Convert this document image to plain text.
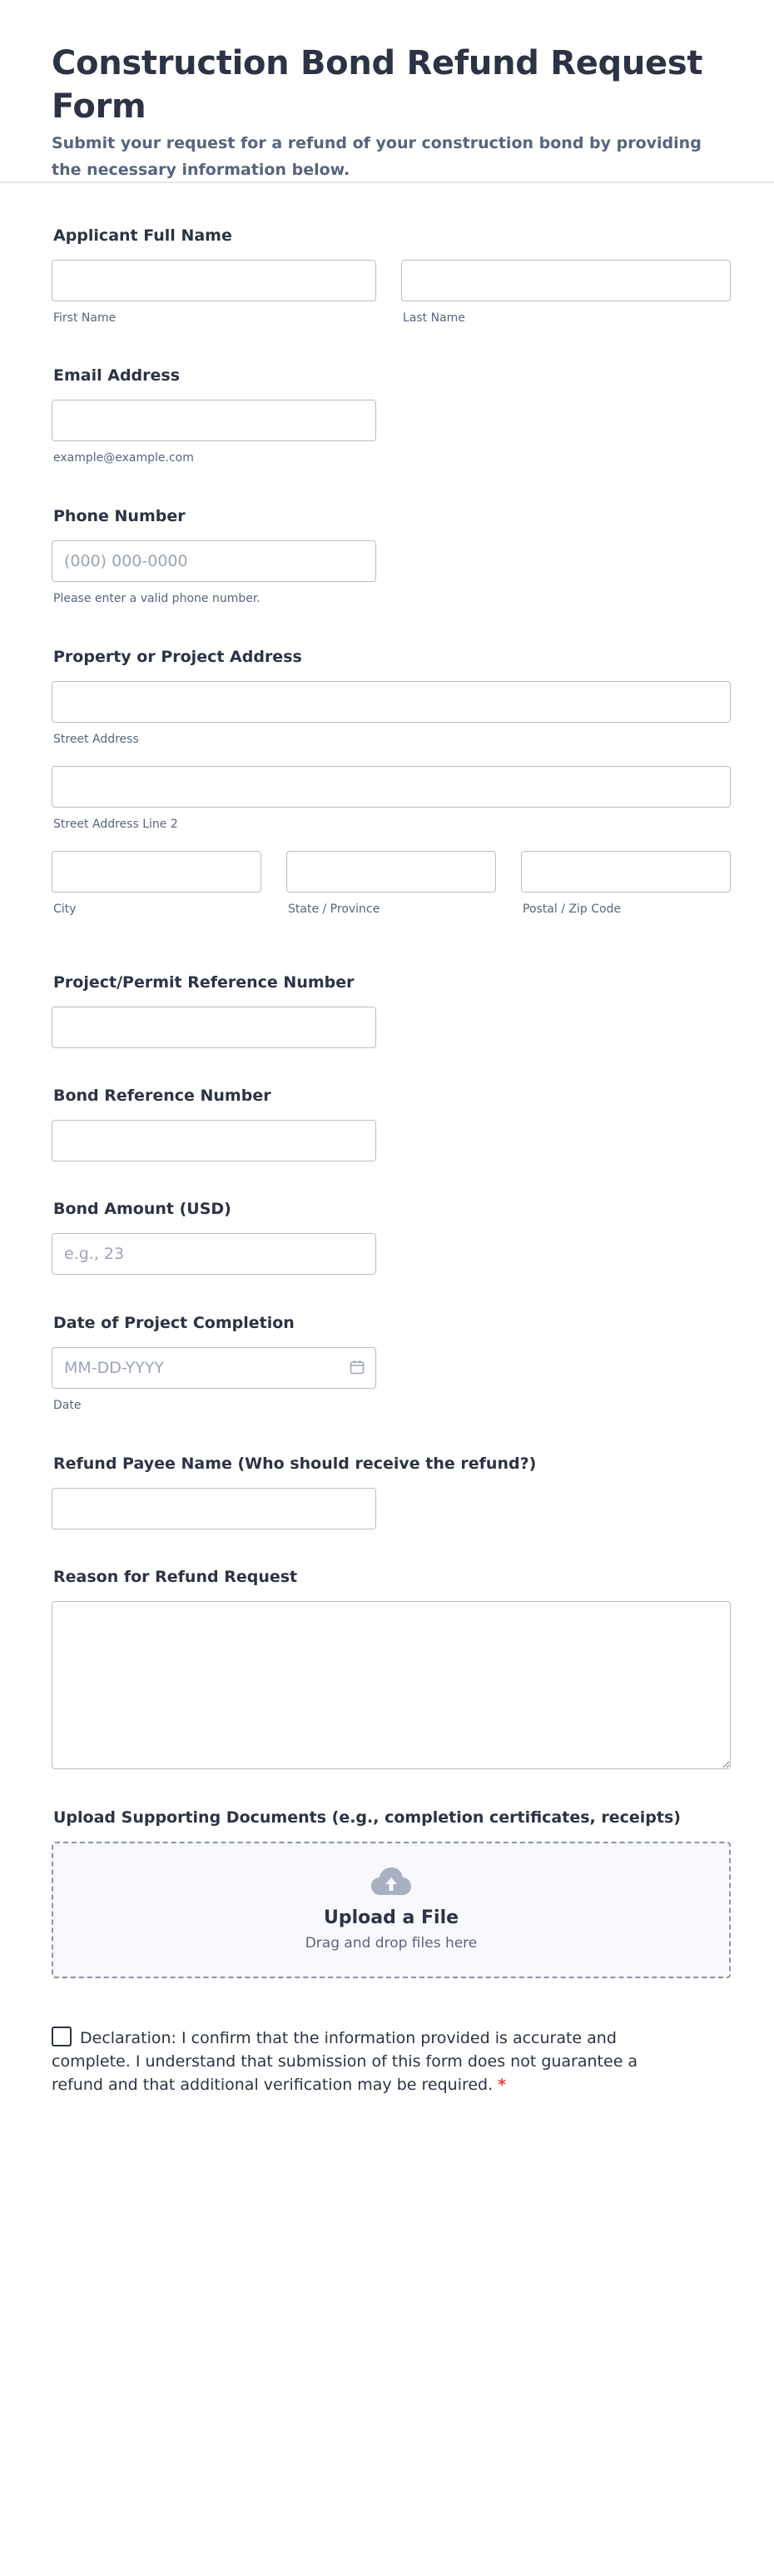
Construction Bond Refund Request Form

Submit your request for a refund of your construction bond by providing the necessary information below.

Applicant Full Name
First Name	Last Name
Email Address
example@example.com
Phone Number
(000) 000-0000
Please enter a valid phone number.
Property or Project Address
Street Address
Street Address Line 2
City	State / Province	Postal / Zip Code
Project/Permit Reference Number
Bond Reference Number
Bond Amount (USD)
e.g., 23
Date of Project Completion
MM-DD-YYYY
Date
Refund Payee Name (Who should receive the refund?)
Reason for Refund Request
Upload Supporting Documents (e.g., completion certificates, receipts)
Upload a File
Drag and drop files here
Declaration: I confirm that the information provided is accurate and complete. I understand that submission of this form does not guarantee a refund and that additional verification may be required. *
